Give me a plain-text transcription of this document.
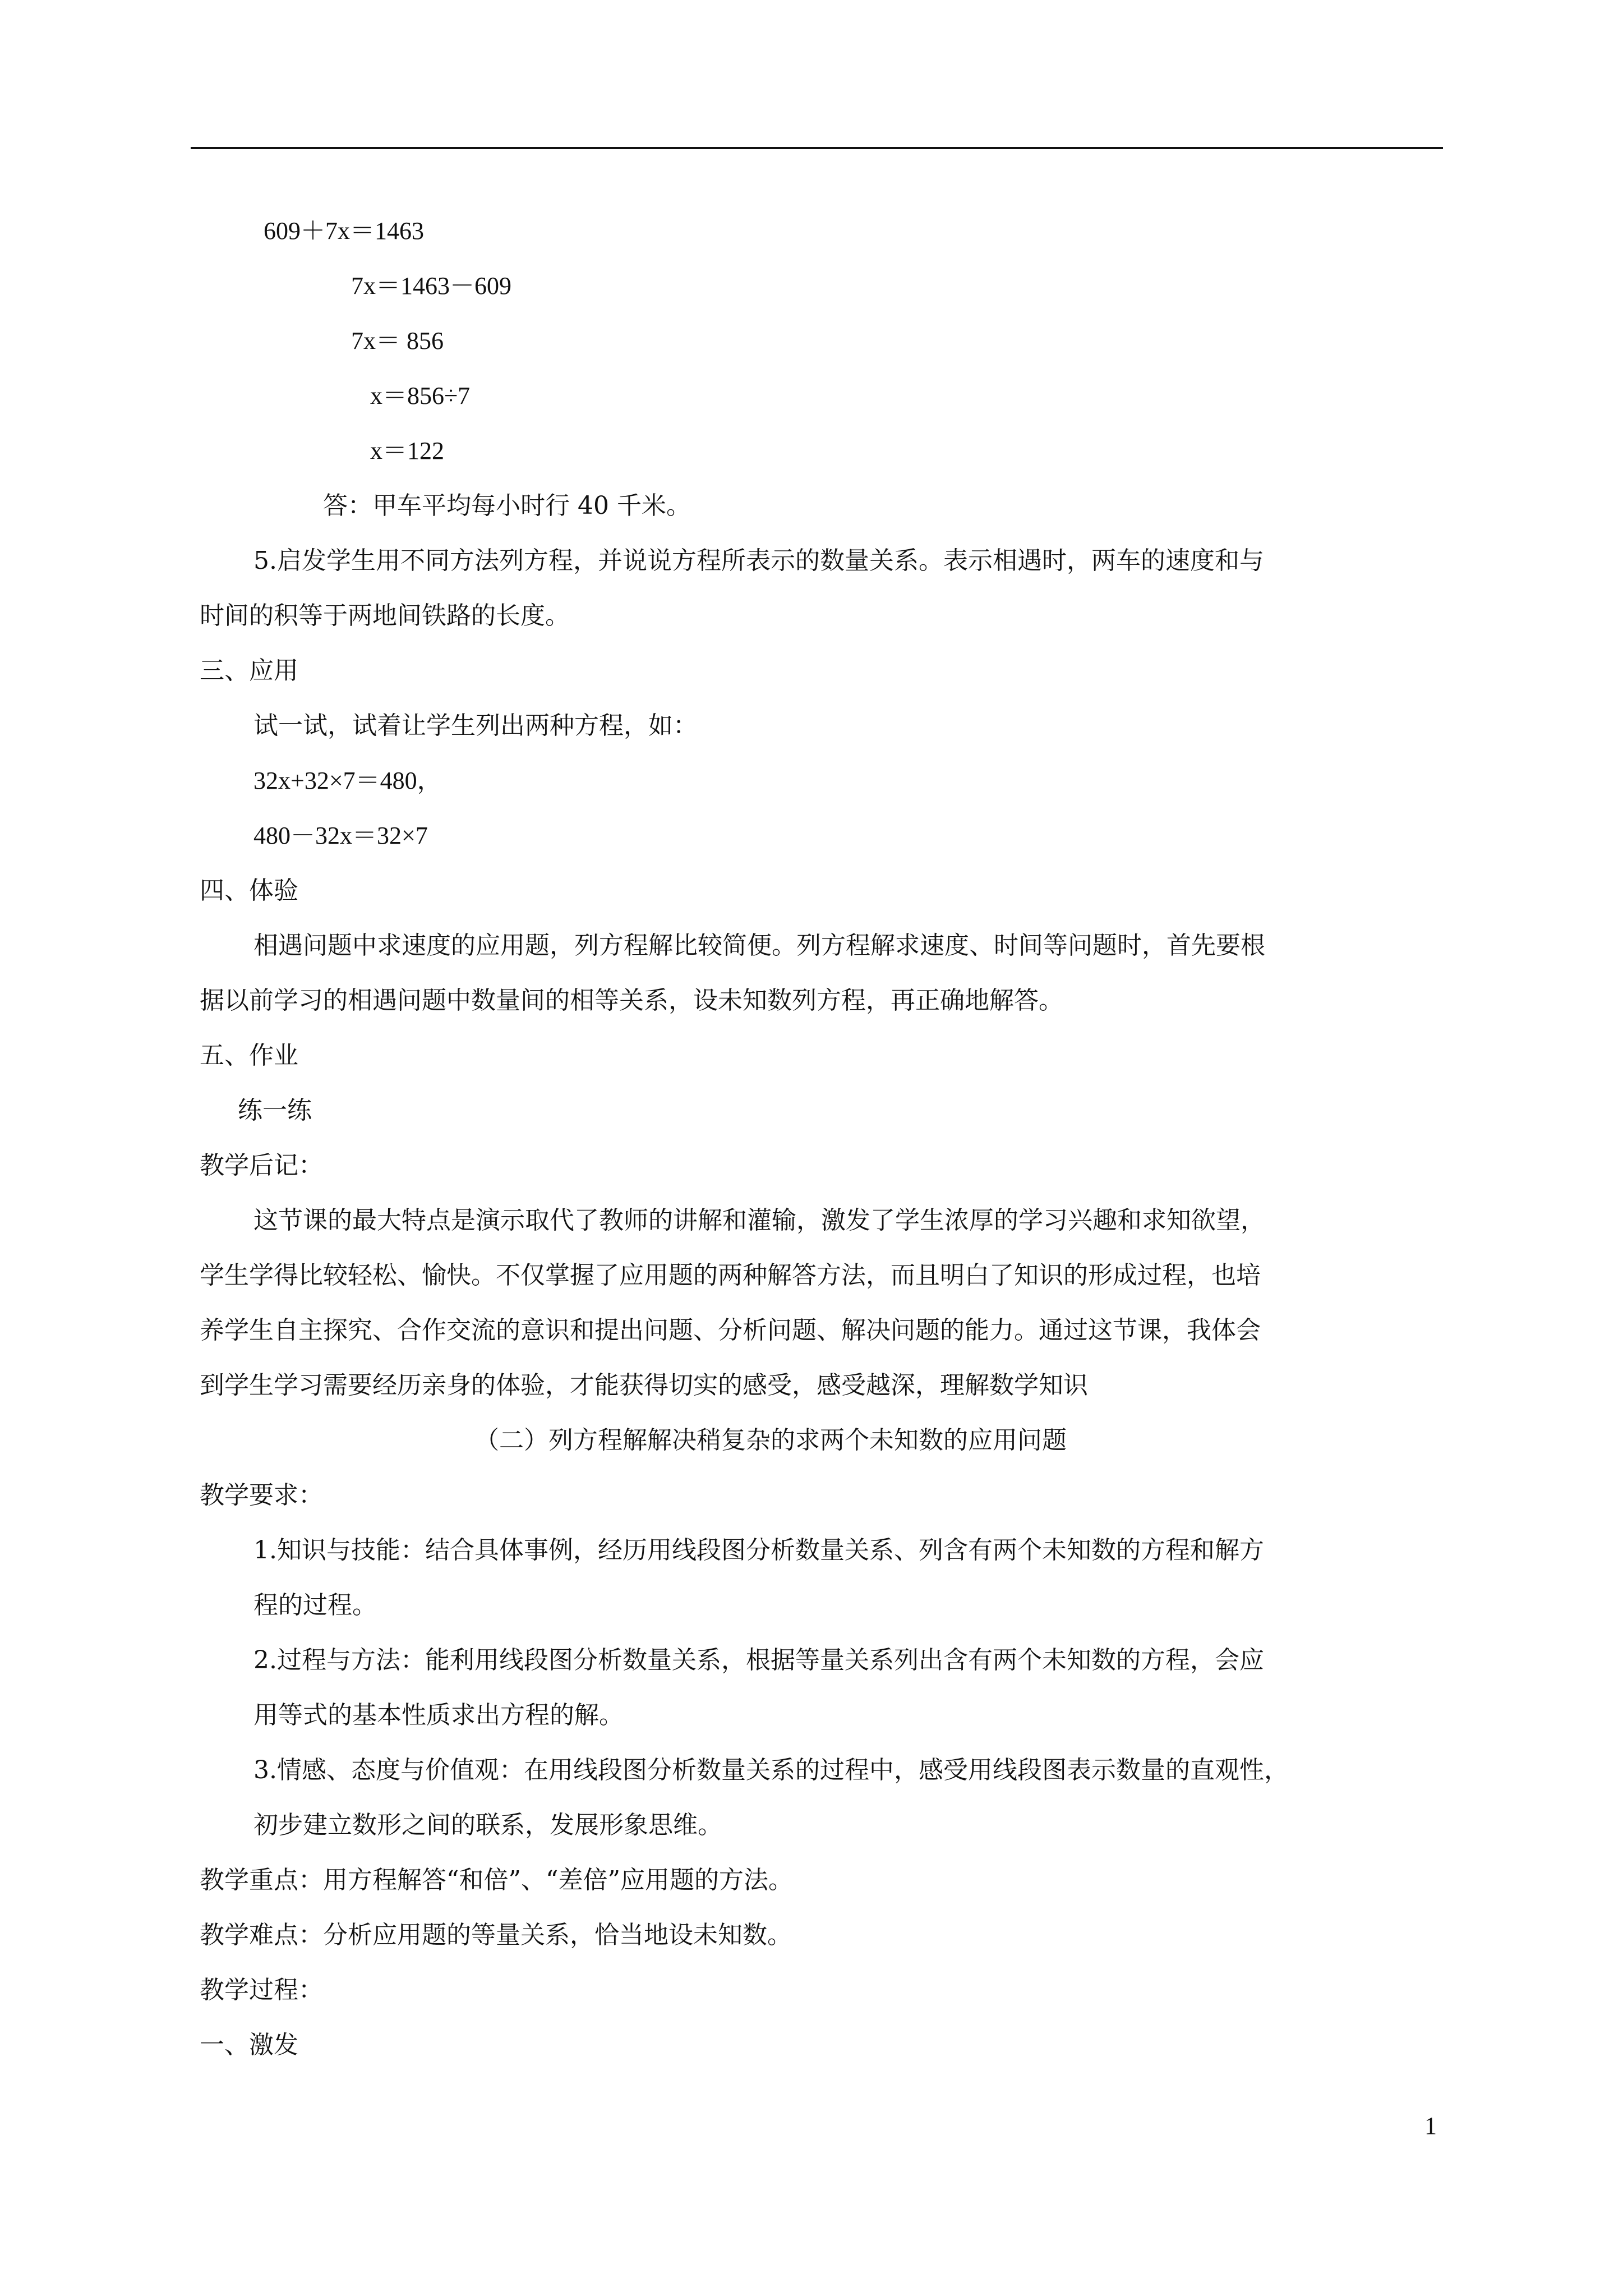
609＋7x＝1463
7x＝1463－609
7x＝ 856
x＝856÷7
x＝122
答：甲车平均每小时行 40 千米。
5.启发学生用不同方法列方程，并说说方程所表示的数量关系。表示相遇时，两车的速度和与
时间的积等于两地间铁路的长度。
三、应用
试一试，试着让学生列出两种方程，如：
32x+32×7＝480，
480－32x＝32×7
四、体验
相遇问题中求速度的应用题，列方程解比较简便。列方程解求速度、时间等问题时，首先要根
据以前学习的相遇问题中数量间的相等关系，设未知数列方程，再正确地解答。
五、作业
练一练
教学后记：
这节课的最大特点是演示取代了教师的讲解和灌输，激发了学生浓厚的学习兴趣和求知欲望，
学生学得比较轻松、愉快。不仅掌握了应用题的两种解答方法，而且明白了知识的形成过程，也培
养学生自主探究、合作交流的意识和提出问题、分析问题、解决问题的能力。通过这节课，我体会
到学生学习需要经历亲身的体验，才能获得切实的感受，感受越深，理解数学知识
（二）列方程解解决稍复杂的求两个未知数的应用问题
教学要求：
1.知识与技能：结合具体事例，经历用线段图分析数量关系、列含有两个未知数的方程和解方
程的过程。
2.过程与方法：能利用线段图分析数量关系，根据等量关系列出含有两个未知数的方程，会应
用等式的基本性质求出方程的解。
3.情感、态度与价值观：在用线段图分析数量关系的过程中，感受用线段图表示数量的直观性，
初步建立数形之间的联系，发展形象思维。
教学重点：用方程解答“和倍”、“差倍”应用题的方法。
教学难点：分析应用题的等量关系，恰当地设未知数。
教学过程：
一、激发
1
